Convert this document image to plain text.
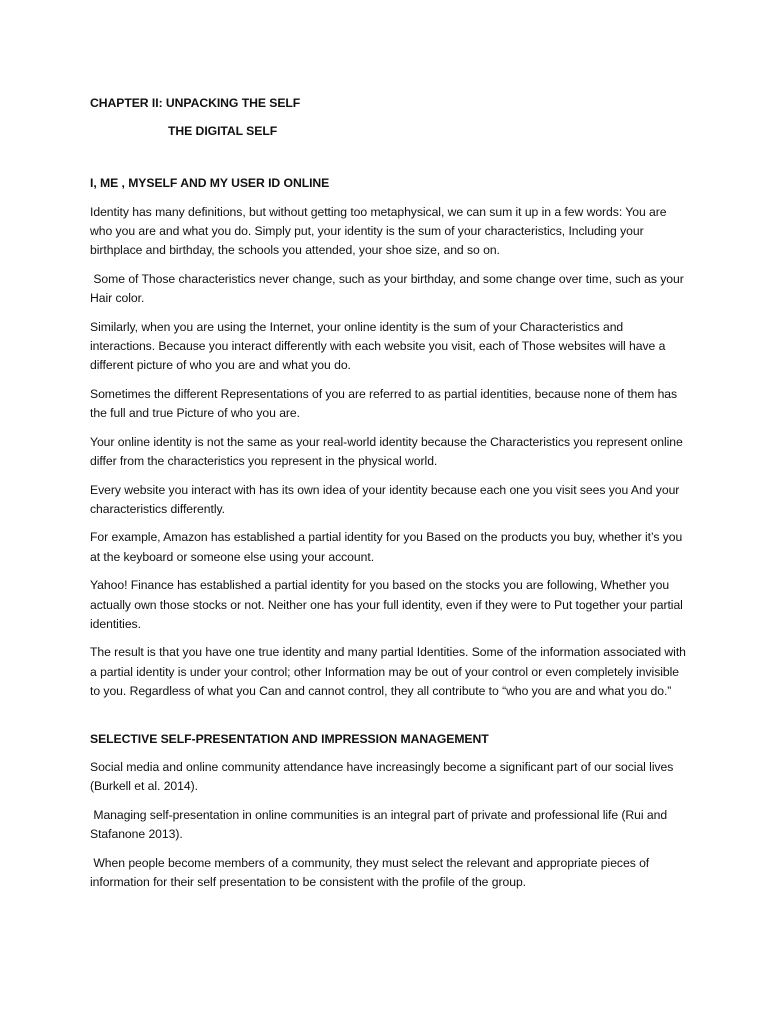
CHAPTER II: UNPACKING THE SELF
THE DIGITAL SELF
I, ME , MYSELF AND MY USER ID ONLINE

Identity has many definitions, but without getting too metaphysical, we can sum it up in a few words: You are who you are and what you do. Simply put, your identity is the sum of your characteristics, Including your birthplace and birthday, the schools you attended, your shoe size, and so on.

Some of Those characteristics never change, such as your birthday, and some change over time, such as your Hair color.

Similarly, when you are using the Internet, your online identity is the sum of your Characteristics and interactions. Because you interact differently with each website you visit, each of Those websites will have a different picture of who you are and what you do.

Sometimes the different Representations of you are referred to as partial identities, because none of them has the full and true Picture of who you are.

Your online identity is not the same as your real-world identity because the Characteristics you represent online differ from the characteristics you represent in the physical world.

Every website you interact with has its own idea of your identity because each one you visit sees you And your characteristics differently.

For example, Amazon has established a partial identity for you Based on the products you buy, whether it’s you at the keyboard or someone else using your account.

Yahoo! Finance has established a partial identity for you based on the stocks you are following, Whether you actually own those stocks or not. Neither one has your full identity, even if they were to Put together your partial identities.

The result is that you have one true identity and many partial Identities. Some of the information associated with a partial identity is under your control; other Information may be out of your control or even completely invisible to you. Regardless of what you Can and cannot control, they all contribute to “who you are and what you do.”

SELECTIVE SELF-PRESENTATION AND IMPRESSION MANAGEMENT

Social media and online community attendance have increasingly become a significant part of our social lives (Burkell et al. 2014).

Managing self-presentation in online communities is an integral part of private and professional life (Rui and Stafanone 2013).

When people become members of a community, they must select the relevant and appropriate pieces of information for their self presentation to be consistent with the profile of the group.
